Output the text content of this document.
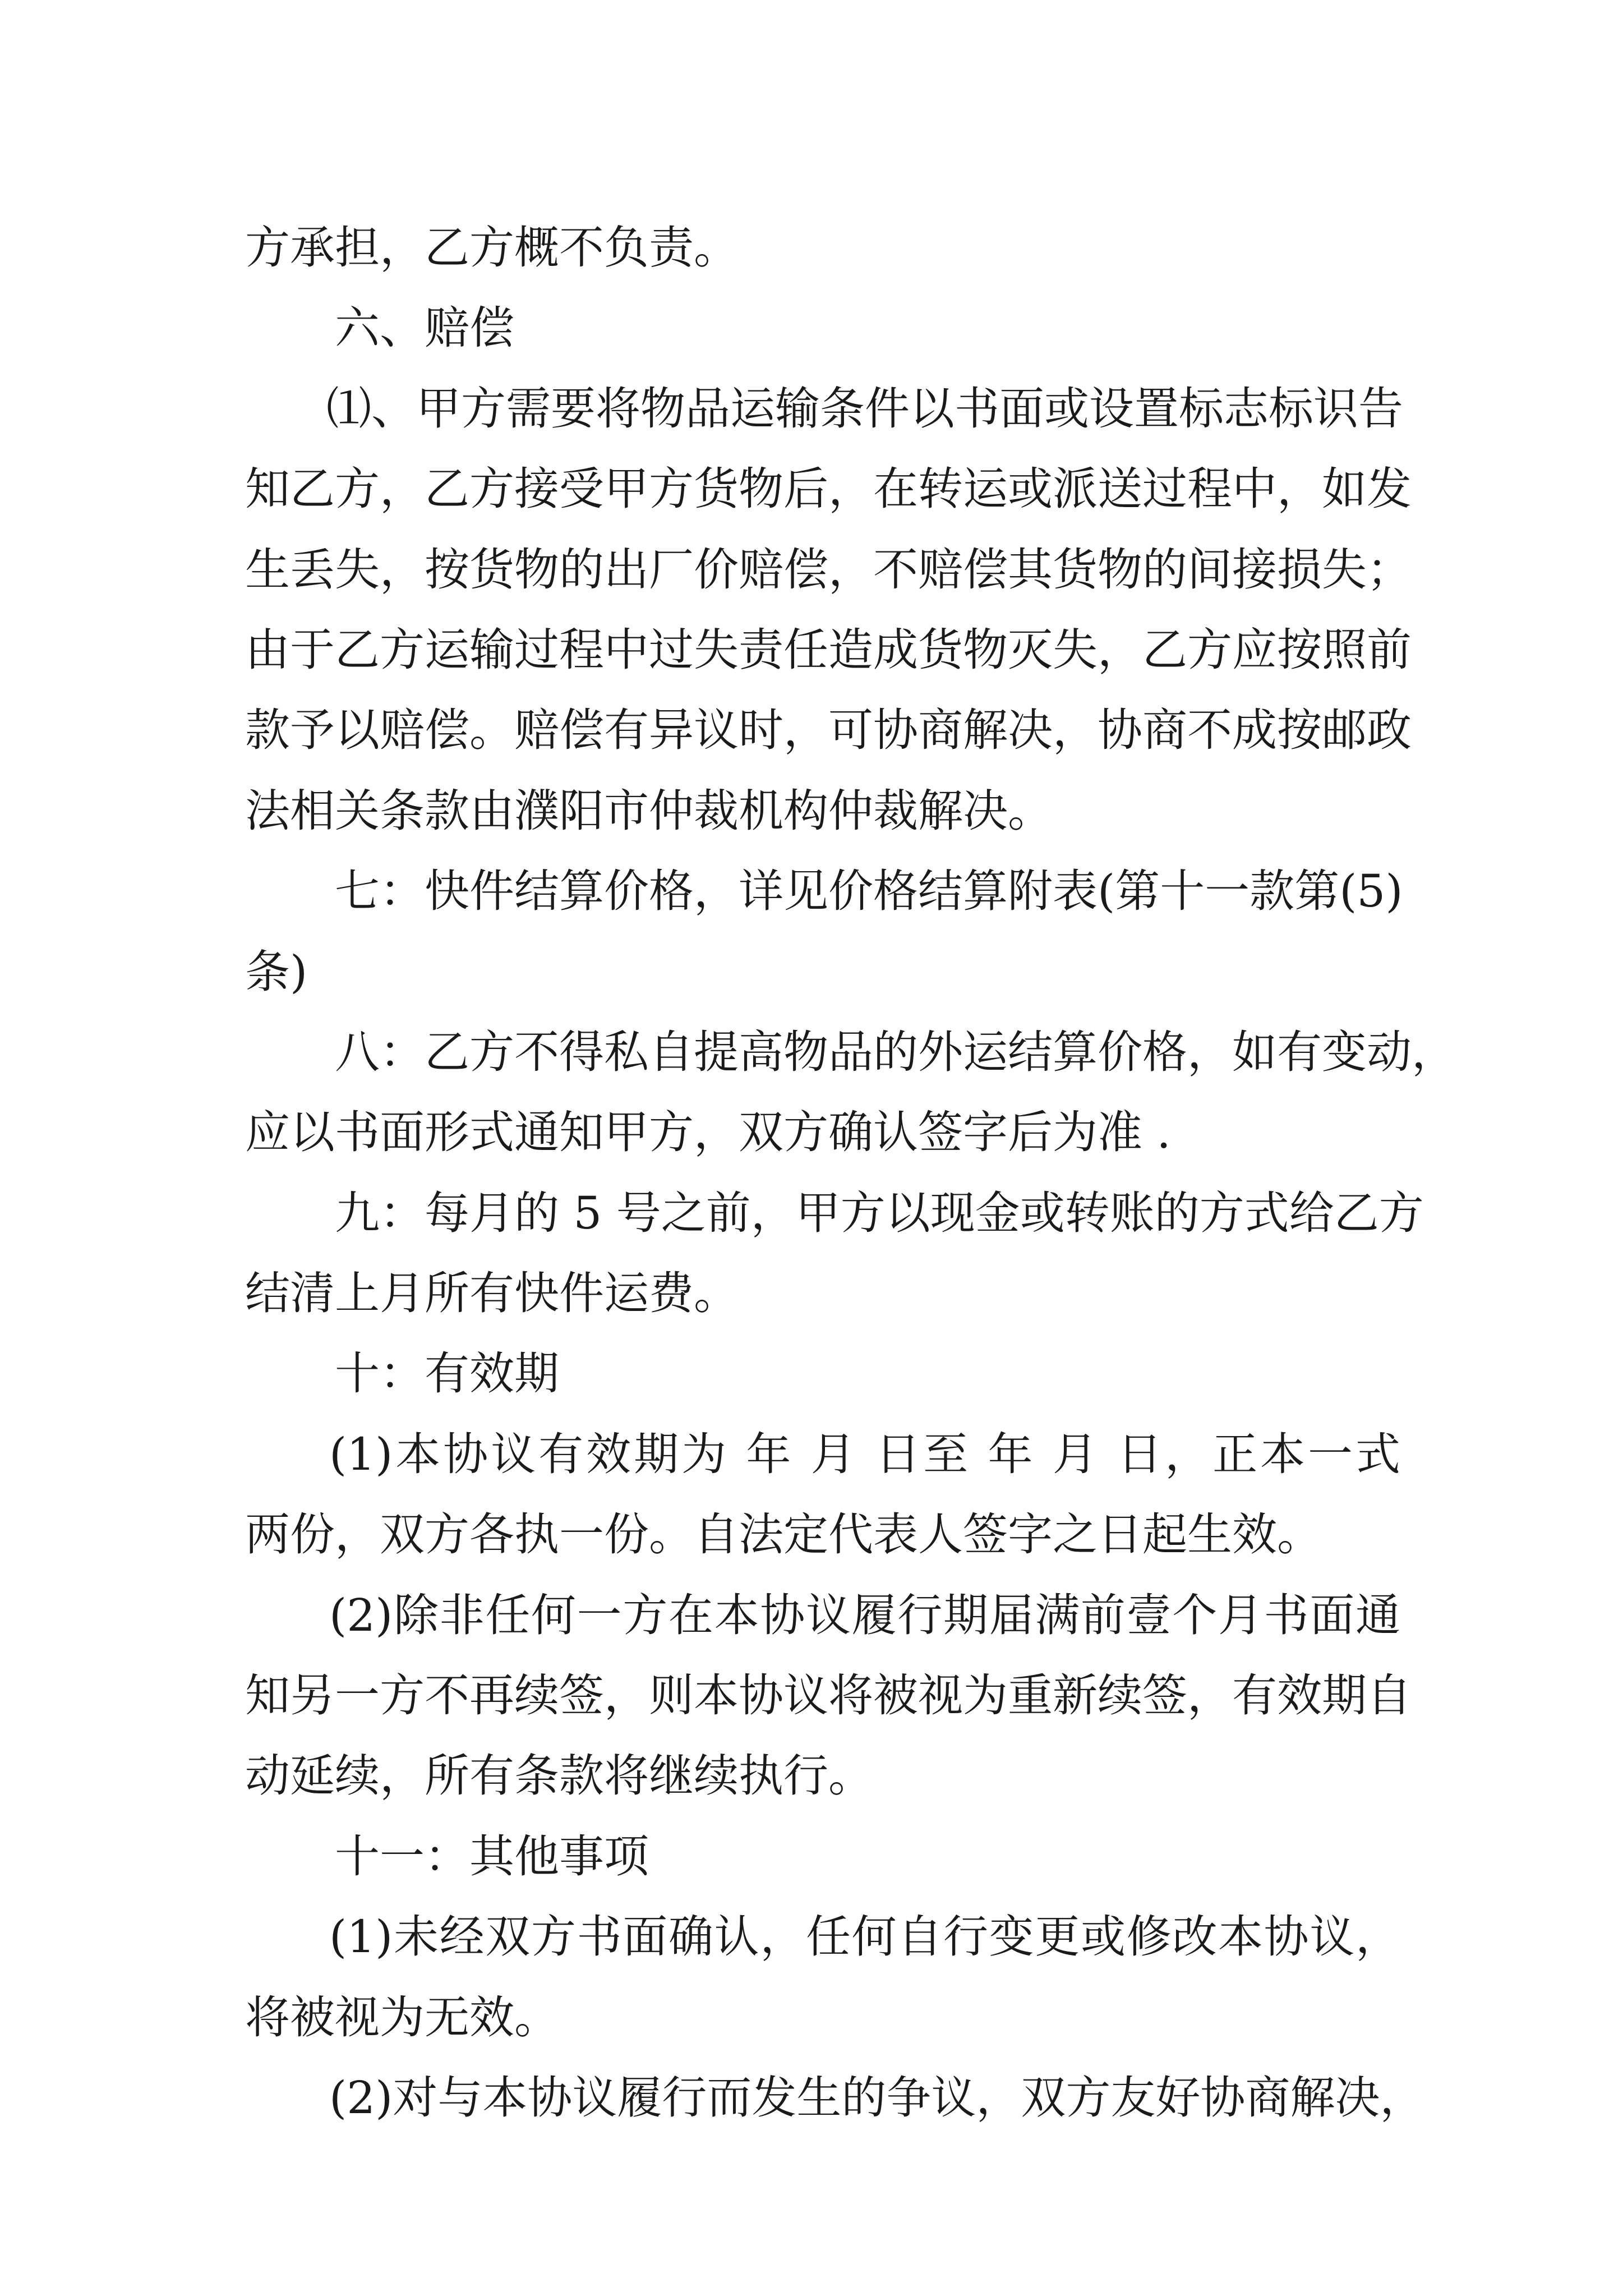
方承担，乙方概不负责。
六、赔偿
⑴、甲方需要将物品运输条件以书面或设置标志标识告
知乙方，乙方接受甲方货物后，在转运或派送过程中，如发
生丢失，按货物的出厂价赔偿，不赔偿其货物的间接损失；
由于乙方运输过程中过失责任造成货物灭失，乙方应按照前
款予以赔偿。赔偿有异议时，可协商解决，协商不成按邮政
法相关条款由濮阳市仲裁机构仲裁解决。
七：快件结算价格，详见价格结算附表(第十一款第(5)
条)
八：乙方不得私自提高物品的外运结算价格，如有变动，
应以书面形式通知甲方，双方确认签字后为准 .
九：每月的 5 号之前，甲方以现金或转账的方式给乙方
结清上月所有快件运费。
十：有效期
(1)本协议有效期为 年 月 日至 年 月 日，正本一式
两份，双方各执一份。自法定代表人签字之日起生效。
(2)除非任何一方在本协议履行期届满前壹个月书面通
知另一方不再续签，则本协议将被视为重新续签，有效期自
动延续，所有条款将继续执行。
十一：其他事项
(1)未经双方书面确认，任何自行变更或修改本协议，
将被视为无效。
(2)对与本协议履行而发生的争议，双方友好协商解决，
